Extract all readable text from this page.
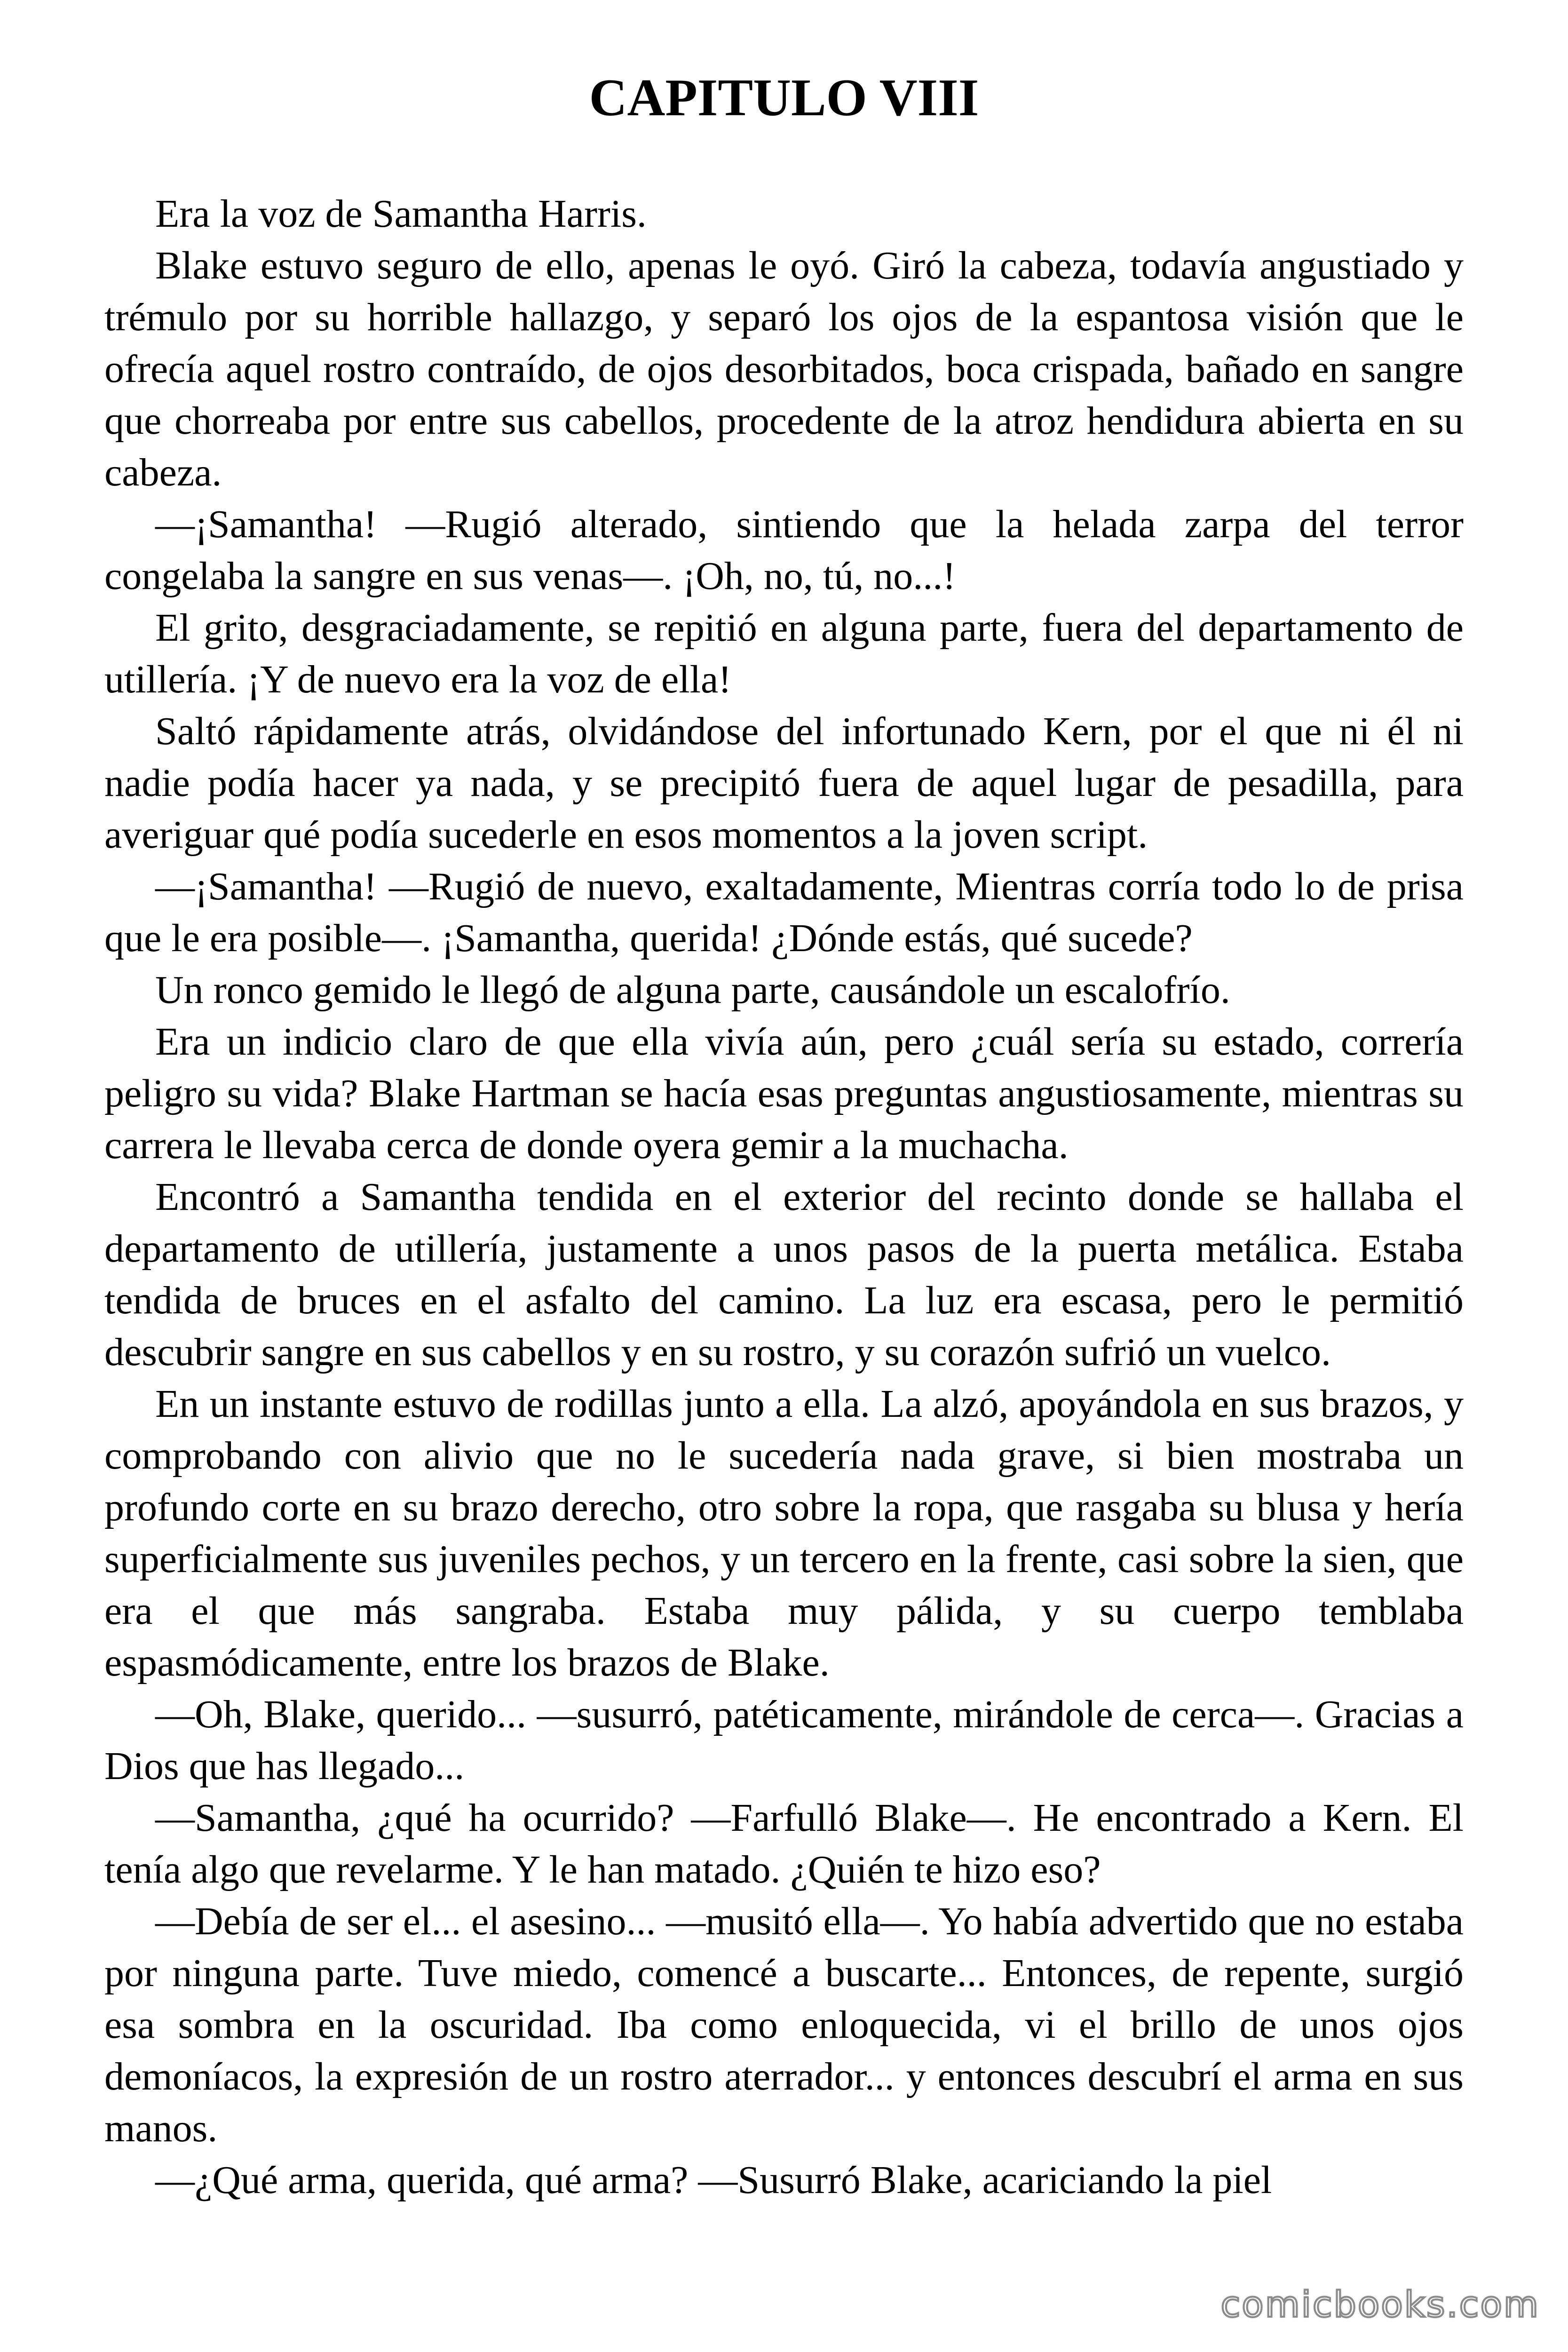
CAPITULO VIII

Era la voz de Samantha Harris.

Blake estuvo seguro de ello, apenas le oyó. Giró la cabeza, todavía angustiado y trémulo por su horrible hallazgo, y separó los ojos de la espantosa visión que le ofrecía aquel rostro contraído, de ojos desorbitados, boca crispada, bañado en sangre que chorreaba por entre sus cabellos, procedente de la atroz hendidura abierta en su cabeza.

—¡Samantha! —Rugió alterado, sintiendo que la helada zarpa del terror congelaba la sangre en sus venas—. ¡Oh, no, tú, no...!

El grito, desgraciadamente, se repitió en alguna parte, fuera del departamento de utillería. ¡Y de nuevo era la voz de ella!

Saltó rápidamente atrás, olvidándose del infortunado Kern, por el que ni él ni nadie podía hacer ya nada, y se precipitó fuera de aquel lugar de pesadilla, para averiguar qué podía sucederle en esos momentos a la joven script.

—¡Samantha! —Rugió de nuevo, exaltadamente, Mientras corría todo lo de prisa que le era posible—. ¡Samantha, querida! ¿Dónde estás, qué sucede?

Un ronco gemido le llegó de alguna parte, causándole un escalofrío.

Era un indicio claro de que ella vivía aún, pero ¿cuál sería su estado, correría peligro su vida? Blake Hartman se hacía esas preguntas angustiosamente, mientras su carrera le llevaba cerca de donde oyera gemir a la muchacha.

Encontró a Samantha tendida en el exterior del recinto donde se hallaba el departamento de utillería, justamente a unos pasos de la puerta metálica. Estaba tendida de bruces en el asfalto del camino. La luz era escasa, pero le permitió descubrir sangre en sus cabellos y en su rostro, y su corazón sufrió un vuelco.

En un instante estuvo de rodillas junto a ella. La alzó, apoyándola en sus brazos, y comprobando con alivio que no le sucedería nada grave, si bien mostraba un profundo corte en su brazo derecho, otro sobre la ropa, que rasgaba su blusa y hería superficialmente sus juveniles pechos, y un tercero en la frente, casi sobre la sien, que era el que más sangraba. Estaba muy pálida, y su cuerpo temblaba espasmódicamente, entre los brazos de Blake.

—Oh, Blake, querido... —susurró, patéticamente, mirándole de cerca—. Gracias a Dios que has llegado...

—Samantha, ¿qué ha ocurrido? —Farfulló Blake—. He encontrado a Kern. El tenía algo que revelarme. Y le han matado. ¿Quién te hizo eso?

—Debía de ser el... el asesino... —musitó ella—. Yo había advertido que no estaba por ninguna parte. Tuve miedo, comencé a buscarte... Entonces, de repente, surgió esa sombra en la oscuridad. Iba como enloquecida, vi el brillo de unos ojos demoníacos, la expresión de un rostro aterrador... y entonces descubrí el arma en sus manos.

—¿Qué arma, querida, qué arma? —Susurró Blake, acariciando la piel

comicbooks.com
